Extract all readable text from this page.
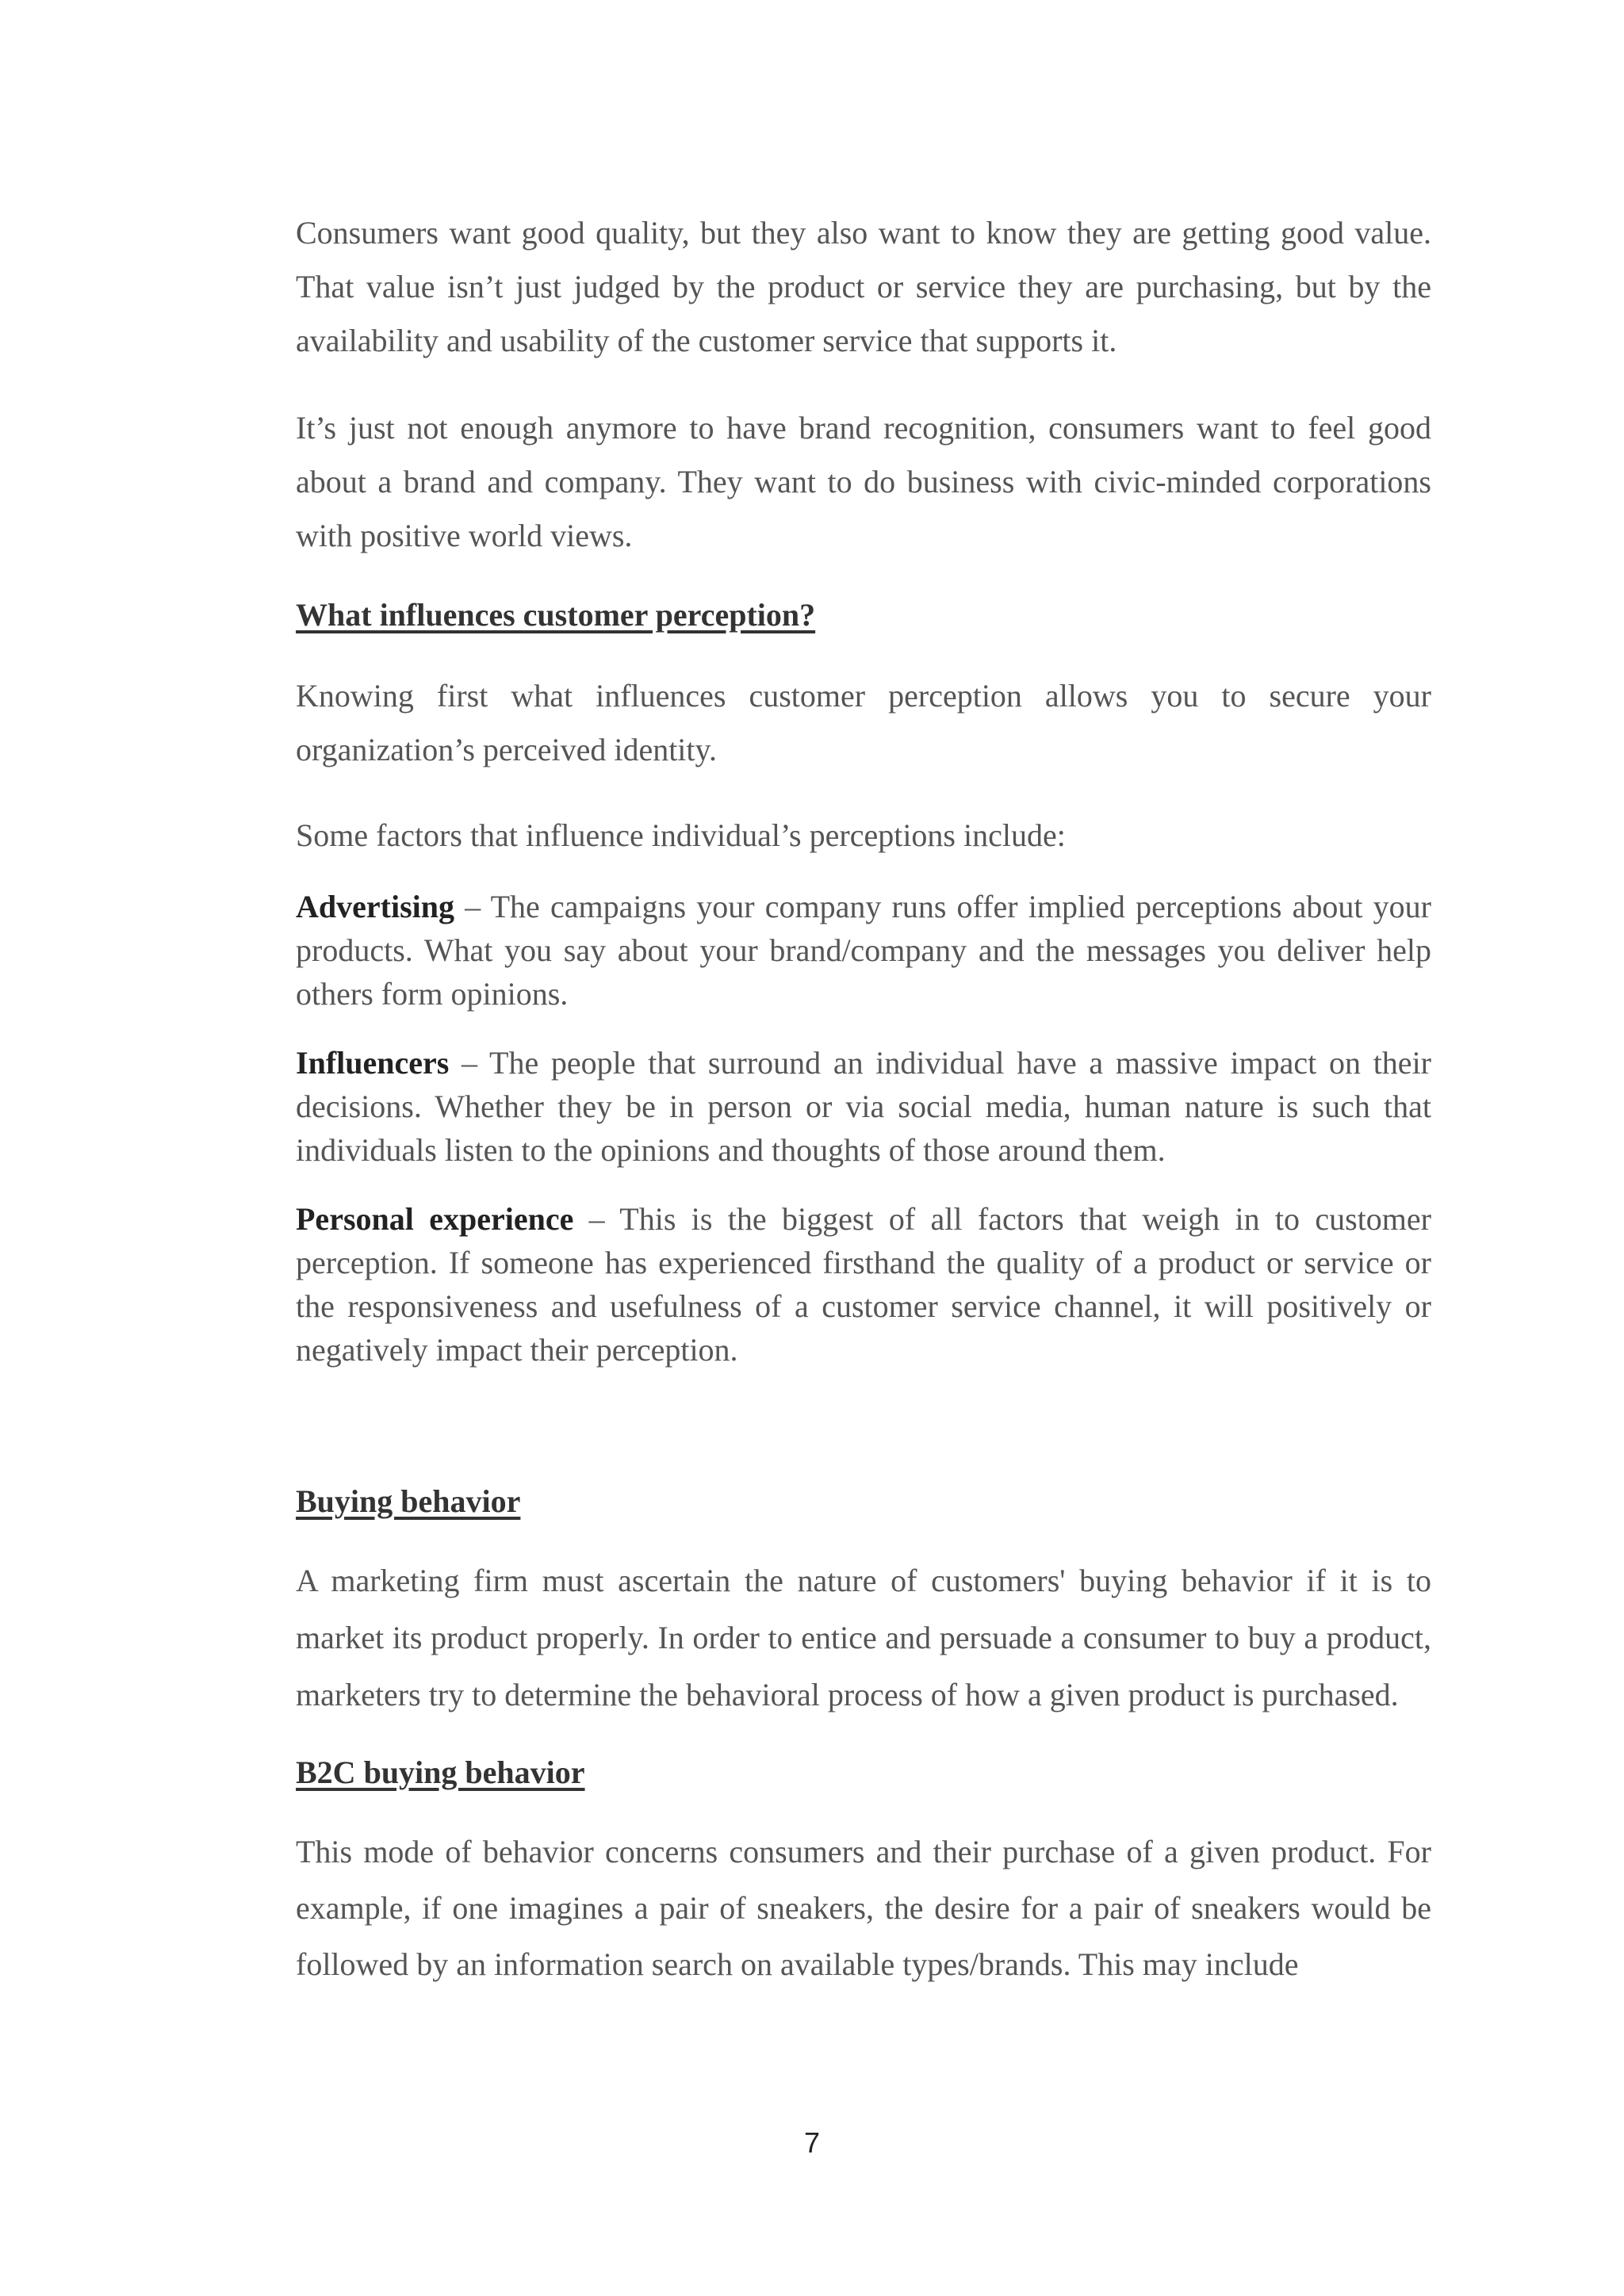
Consumers want good quality, but they also want to know they are getting good value. That value isn’t just judged by the product or service they are purchasing, but by the availability and usability of the customer service that supports it.

It’s just not enough anymore to have brand recognition, consumers want to feel good about a brand and company. They want to do business with civic-minded corporations with positive world views.

What influences customer perception?

Knowing first what influences customer perception allows you to secure your organization’s perceived identity.

Some factors that influence individual’s perceptions include:

Advertising – The campaigns your company runs offer implied perceptions about your products. What you say about your brand/company and the messages you deliver help others form opinions.

Influencers – The people that surround an individual have a massive impact on their decisions. Whether they be in person or via social media, human nature is such that individuals listen to the opinions and thoughts of those around them.

Personal experience – This is the biggest of all factors that weigh in to customer perception. If someone has experienced firsthand the quality of a product or service or the responsiveness and usefulness of a customer service channel, it will positively or negatively impact their perception.

Buying behavior

A marketing firm must ascertain the nature of customers' buying behavior if it is to market its product properly. In order to entice and persuade a consumer to buy a product, marketers try to determine the behavioral process of how a given product is purchased.

B2C buying behavior

This mode of behavior concerns consumers and their purchase of a given product. For example, if one imagines a pair of sneakers, the desire for a pair of sneakers would be followed by an information search on available types/brands. This may include

7
